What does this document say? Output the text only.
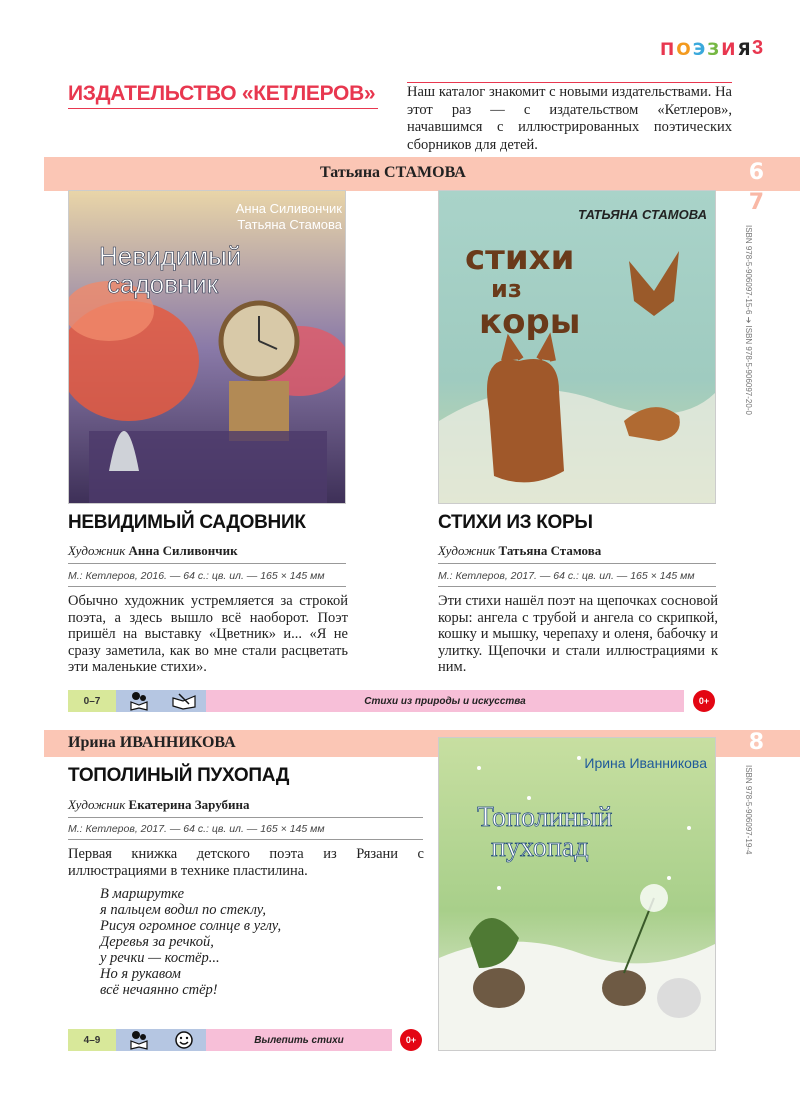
ПОЭЗИЯ 3
ИЗДАТЕЛЬСТВО «КЕТЛЕРОВ» Наш каталог знакомит с новыми издательствами. На этот раз — с издательством «Кетлеров», начавшимся с иллюстрированных поэтических сборников для детей.
Татьяна СТАМОВА	6
7
ISBN 978-5-906097-15-6 ➔ ISBN 978-5-906097-20-0
Анна Силивончик
Татьяна Стамова
Невидимый
садовник
ТАТЬЯНА СТАМОВА
стихи
из
коры
НЕВИДИМЫЙ САДОВНИК
Художник Анна Силивончик
М.: Кетлеров, 2016. — 64 с.: цв. ил. — 165 × 145 мм
Обычно художник устремляется за строкой поэта, а здесь вышло всё наоборот. Поэт пришёл на выставку «Цветник» и... «Я не сразу заметила, как во мне стали расцветать эти маленькие стихи».
СТИХИ ИЗ КОРЫ
Художник Татьяна Стамова
М.: Кетлеров, 2017. — 64 с.: цв. ил. — 165 × 145 мм
Эти стихи нашёл поэт на щепочках сосновой коры: ангела с трубой и ангела со скрипкой, кошку и мышку, черепаху и оленя, бабочку и улитку. Щепочки и стали иллюстрациями к ним.
0–7	Стихи из природы и искусства	0+
Ирина ИВАННИКОВА	8
ISBN 978-5-906097-19-4
Ирина Иванникова
Тополиный
пухопад
ТОПОЛИНЫЙ ПУХОПАД
Художник Екатерина Зарубина
М.: Кетлеров, 2017. — 64 с.: цв. ил. — 165 × 145 мм
Первая книжка детского поэта из Рязани с иллюстрациями в технике пластилина.
В маршрутке
я пальцем водил по стеклу,
Рисуя огромное солнце в углу,
Деревья за речкой,
у речки — костёр...
Но я рукавом
всё нечаянно стёр!
4–9	Вылепить стихи	0+
